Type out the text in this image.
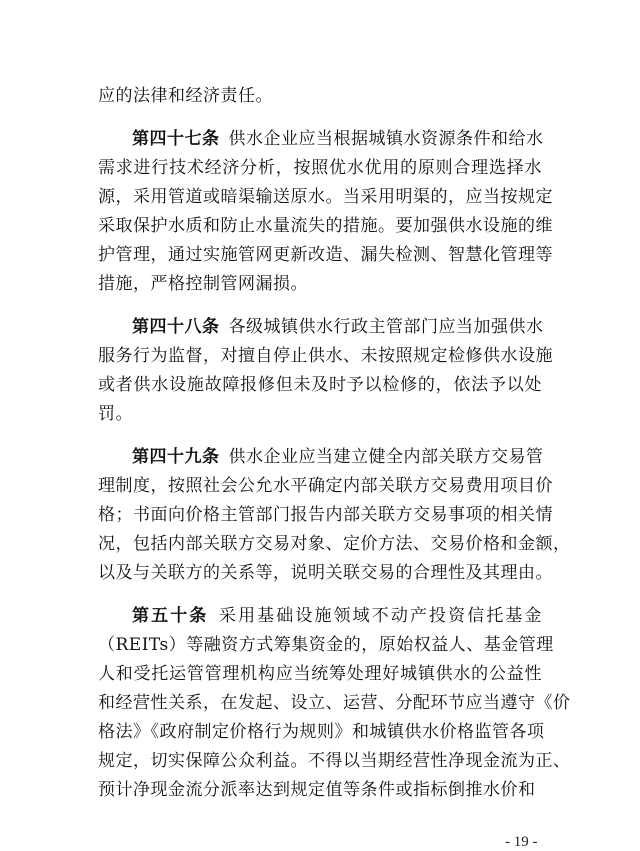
应的法律和经济责任。
第四十七条  供水企业应当根据城镇水资源条件和给水
需求进行技术经济分析，按照优水优用的原则合理选择水
源，采用管道或暗渠输送原水。当采用明渠的，应当按规定
采取保护水质和防止水量流失的措施。要加强供水设施的维
护管理，通过实施管网更新改造、漏失检测、智慧化管理等
措施，严格控制管网漏损。
第四十八条  各级城镇供水行政主管部门应当加强供水
服务行为监督，对擅自停止供水、未按照规定检修供水设施
或者供水设施故障报修但未及时予以检修的，依法予以处
罚。
第四十九条  供水企业应当建立健全内部关联方交易管
理制度，按照社会公允水平确定内部关联方交易费用项目价
格；书面向价格主管部门报告内部关联方交易事项的相关情
况，包括内部关联方交易对象、定价方法、交易价格和金额，
以及与关联方的关系等，说明关联交易的合理性及其理由。
第五十条  采用基础设施领域不动产投资信托基金
（REITs）等融资方式筹集资金的，原始权益人、基金管理
人和受托运管管理机构应当统筹处理好城镇供水的公益性
和经营性关系，在发起、设立、运营、分配环节应当遵守《价
格法》《政府制定价格行为规则》和城镇供水价格监管各项
规定，切实保障公众利益。不得以当期经营性净现金流为正、
预计净现金流分派率达到规定值等条件或指标倒推水价和
- 19 -
